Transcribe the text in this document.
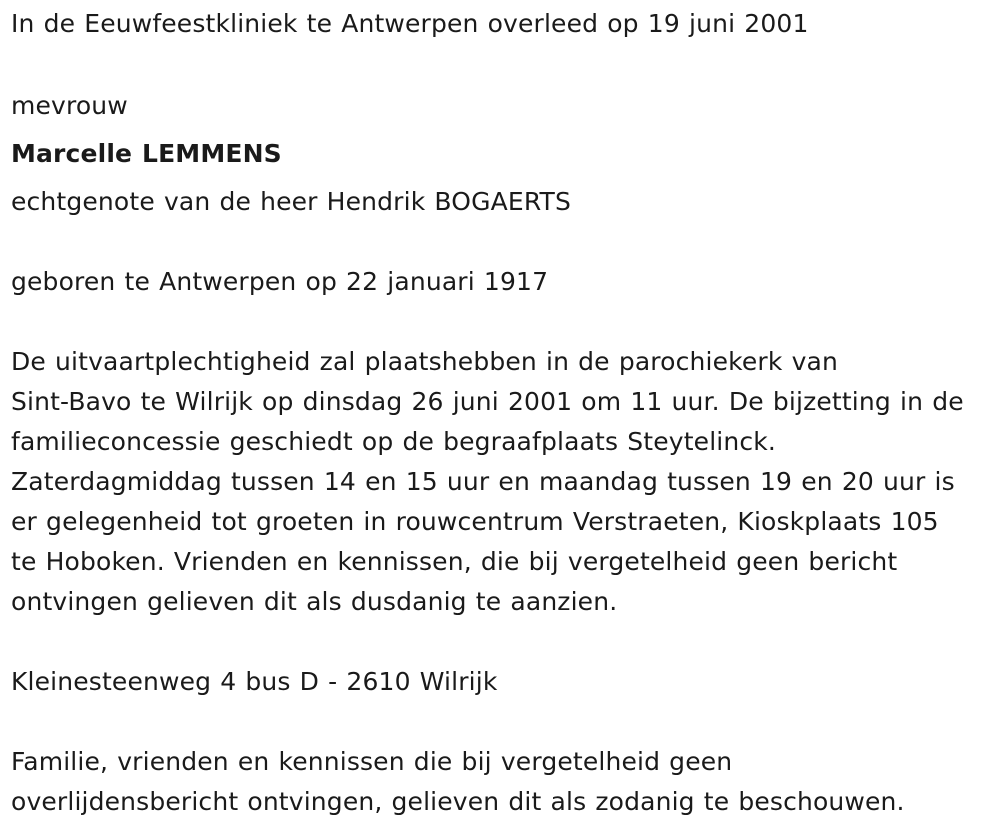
In de Eeuwfeestkliniek te Antwerpen overleed op 19 juni 2001
mevrouw
Marcelle LEMMENS
echtgenote van de heer Hendrik BOGAERTS
geboren te Antwerpen op 22 januari 1917
De uitvaartplechtigheid zal plaatshebben in de parochiekerk van
Sint-Bavo te Wilrijk op dinsdag 26 juni 2001 om 11 uur. De bijzetting in de
familieconcessie geschiedt op de begraafplaats Steytelinck.
Zaterdagmiddag tussen 14 en 15 uur en maandag tussen 19 en 20 uur is
er gelegenheid tot groeten in rouwcentrum Verstraeten, Kioskplaats 105
te Hoboken. Vrienden en kennissen, die bij vergetelheid geen bericht
ontvingen gelieven dit als dusdanig te aanzien.
Kleinesteenweg 4 bus D - 2610 Wilrijk
Familie, vrienden en kennissen die bij vergetelheid geen
overlijdensbericht ontvingen, gelieven dit als zodanig te beschouwen.
